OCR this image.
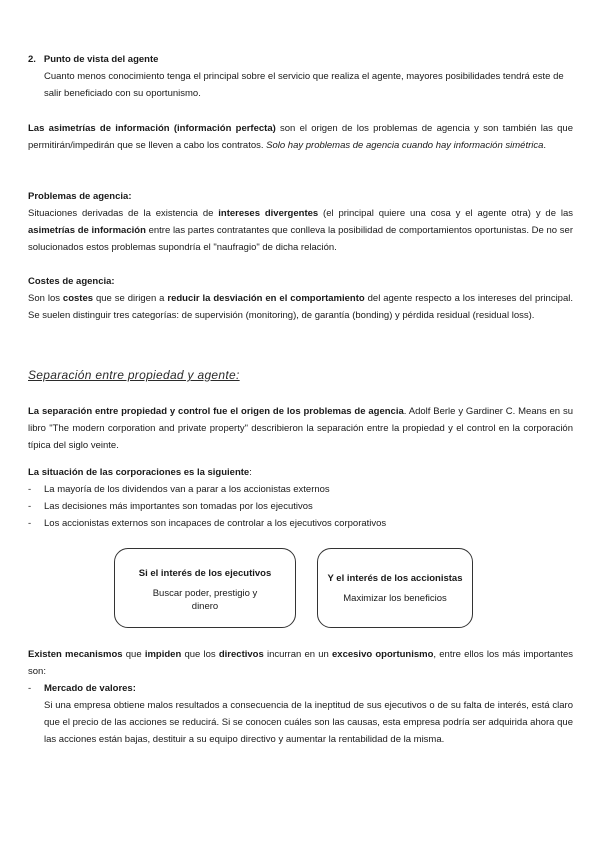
2. Punto de vista del agente

Cuanto menos conocimiento tenga el principal sobre el servicio que realiza el agente, mayores posibilidades tendrá este de salir beneficiado con su oportunismo.

Las asimetrías de información (información perfecta) son el origen de los problemas de agencia y son también las que permitirán/impedirán que se lleven a cabo los contratos. Solo hay problemas de agencia cuando hay información simétrica.

Problemas de agencia:

Situaciones derivadas de la existencia de intereses divergentes (el principal quiere una cosa y el agente otra) y de las asimetrías de información entre las partes contratantes que conlleva la posibilidad de comportamientos oportunistas. De no ser solucionados estos problemas supondría el "naufragio" de dicha relación.

Costes de agencia:

Son los costes que se dirigen a reducir la desviación en el comportamiento del agente respecto a los intereses del principal. Se suelen distinguir tres categorías: de supervisión (monitoring), de garantía (bonding) y pérdida residual (residual loss).

Separación entre propiedad y agente:

La separación entre propiedad y control fue el origen de los problemas de agencia. Adolf Berle y Gardiner C. Means en su libro "The modern corporation and private property" describieron la separación entre la propiedad y el control en la corporación típica del siglo veinte.

La situación de las corporaciones es la siguiente:

- La mayoría de los dividendos van a parar a los accionistas externos
- Las decisiones más importantes son tomadas por los ejecutivos
- Los accionistas externos son incapaces de controlar a los ejecutivos corporativos
Si el interés de los ejecutivos
Buscar poder, prestigio y dinero
Y el interés de los accionistas
Maximizar los beneficios

Existen mecanismos que impiden que los directivos incurran en un excesivo oportunismo, entre ellos los más importantes son:

- Mercado de valores:
Si una empresa obtiene malos resultados a consecuencia de la ineptitud de sus ejecutivos o de su falta de interés, está claro que el precio de las acciones se reducirá. Si se conocen cuáles son las causas, esta empresa podría ser adquirida ahora que las acciones están bajas, destituir a su equipo directivo y aumentar la rentabilidad de la misma.
